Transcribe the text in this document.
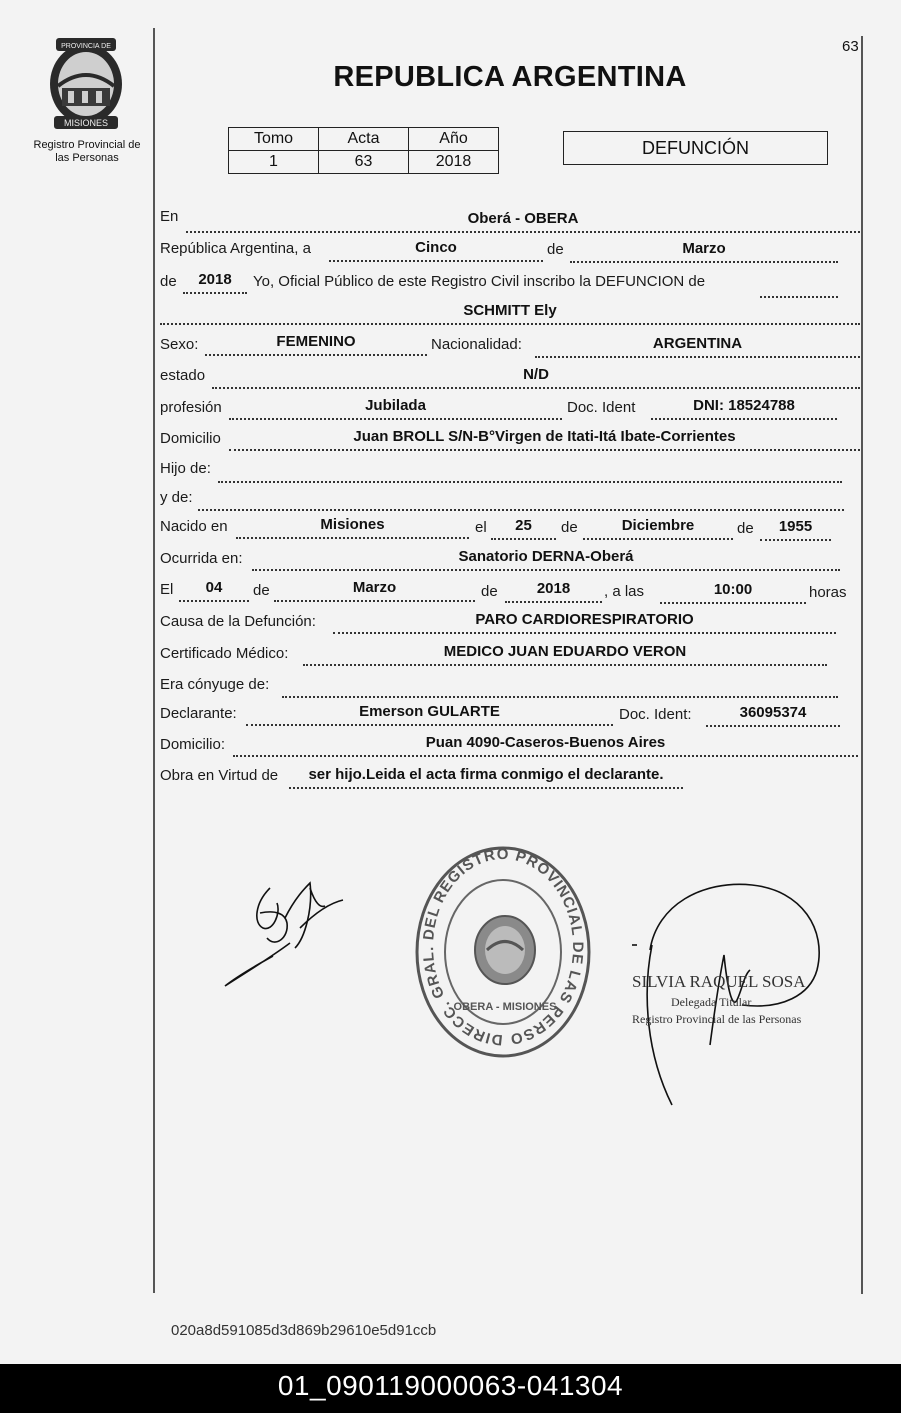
63
PROVINCIA DE
MISIONES
Registro Provincial de
las Personas
REPUBLICA ARGENTINA
Tomo	Acta	Año
1	63	2018
DEFUNCIÓN
En	Oberá - OBERA
República Argentina, a	Cinco	de	Marzo
de	2018	Yo, Oficial Público de este Registro Civil inscribo la DEFUNCION de
SCHMITT Ely
Sexo:	FEMENINO	Nacionalidad:	ARGENTINA
estado	N/D
profesión	Jubilada	Doc. Ident	DNI: 18524788
Domicilio	Juan BROLL S/N-B°Virgen de Itati-Itá Ibate-Corrientes
Hijo de:
y de:
Nacido en	Misiones	el	25	de	Diciembre	de	1955
Ocurrida en:	Sanatorio DERNA-Oberá
El	04	de	Marzo	de	2018	, a las	10:00	horas
Causa de la Defunción:	PARO CARDIORESPIRATORIO
Certificado Médico:	MEDICO JUAN EDUARDO VERON
Era cónyuge de:
Declarante:	Emerson GULARTE	Doc. Ident:	36095374
Domicilio:	Puan 4090-Caseros-Buenos Aires
Obra en Virtud de	ser hijo.Leida el acta firma conmigo el declarante.
DIRECC. GRAL. DEL REGISTRO PROVINCIAL DE LAS PERSO
OBERA - MISIONES
SILVIA RAQUEL SOSA
Delegada Titular
Registro Provincial de las Personas
020a8d591085d3d869b29610e5d91ccb
01_090119000063-041304
